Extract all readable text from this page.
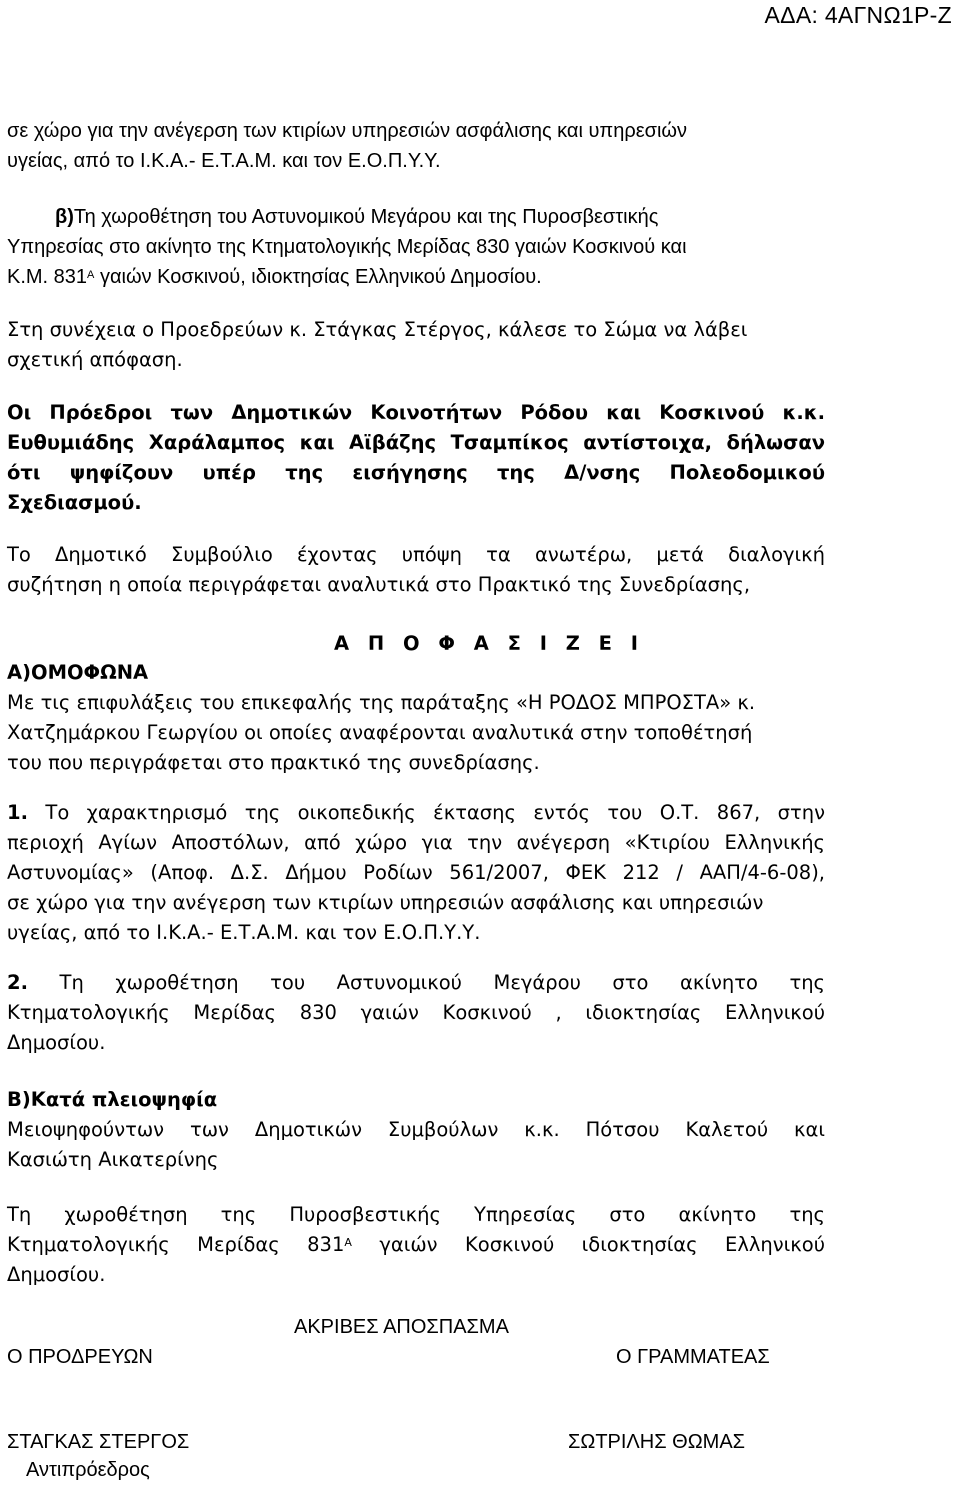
ΑΔΑ: 4ΑΓΝΩ1Ρ-Ζ
σε χώρο για την ανέγερση των κτιρίων υπηρεσιών ασφάλισης και υπηρεσιών
υγείας, από το Ι.Κ.Α.- Ε.Τ.Α.Μ. και τον Ε.Ο.Π.Υ.Υ.
β)Τη χωροθέτηση του Αστυνομικού Μεγάρου και της Πυροσβεστικής
Υπηρεσίας στο ακίνητο της Κτηματολογικής Μερίδας 830 γαιών Κοσκινού και
Κ.Μ. $831^A$ γαιών Κοσκινού, ιδιοκτησίας Ελληνικού Δημοσίου.
Στη συνέχεια ο Προεδρεύων κ. Στάγκας Στέργος, κάλεσε το Σώμα να λάβει
σχετική απόφαση.
Οι Πρόεδροι των Δημοτικών Κοινοτήτων Ρόδου και Κοσκινού κ.κ.
Ευθυμιάδης Χαράλαμπος και Αϊβάζης Τσαμπίκος αντίστοιχα, δήλωσαν
ότι ψηφίζουν υπέρ της εισήγησης της Δ/νσης Πολεοδομικού
Σχεδιασμού.
Το Δημοτικό Συμβούλιο έχοντας υπόψη τα ανωτέρω, μετά διαλογική
συζήτηση η οποία περιγράφεται αναλυτικά στο Πρακτικό της Συνεδρίασης,
Α Π Ο Φ Α Σ Ι Ζ Ε Ι
Α)ΟΜΟΦΩΝΑ
Με τις επιφυλάξεις του επικεφαλής της παράταξης «Η ΡΟΔΟΣ ΜΠΡΟΣΤΑ» κ.
Χατζημάρκου Γεωργίου οι οποίες αναφέρονται αναλυτικά στην τοποθέτησή
του που περιγράφεται στο πρακτικό της συνεδρίασης.
1. Το χαρακτηρισμό της οικοπεδικής έκτασης εντός του Ο.Τ. 867, στην
περιοχή Αγίων Αποστόλων, από χώρο για την ανέγερση «Κτιρίου Ελληνικής
Αστυνομίας» (Αποφ. Δ.Σ. Δήμου Ροδίων 561/2007, ΦΕΚ 212 / ΑΑΠ/4-6-08),
σε χώρο για την ανέγερση των κτιρίων υπηρεσιών ασφάλισης και υπηρεσιών
υγείας, από το Ι.Κ.Α.- Ε.Τ.Α.Μ. και τον Ε.Ο.Π.Υ.Υ.
2. Τη χωροθέτηση του Αστυνομικού Μεγάρου στο ακίνητο της
Κτηματολογικής Μερίδας 830 γαιών Κοσκινού , ιδιοκτησίας Ελληνικού
Δημοσίου.
Β)Κατά πλειοψηφία
Μειοψηφούντων των Δημοτικών Συμβούλων κ.κ. Πότσου Καλετού και
Κασιώτη Αικατερίνης
Τη χωροθέτηση της Πυροσβεστικής Υπηρεσίας στο ακίνητο της
Κτηματολογικής Μερίδας $831^A$ γαιών Κοσκινού ιδιοκτησίας Ελληνικού
Δημοσίου.
ΑΚΡΙΒΕΣ ΑΠΟΣΠΑΣΜΑ
Ο ΠΡΟΔΡΕΥΩΝ	Ο ΓΡΑΜΜΑΤΕΑΣ
ΣΤΑΓΚΑΣ ΣΤΕΡΓΟΣ
Αντιπρόεδρος
ΣΩΤΡΙΛΗΣ ΘΩΜΑΣ
